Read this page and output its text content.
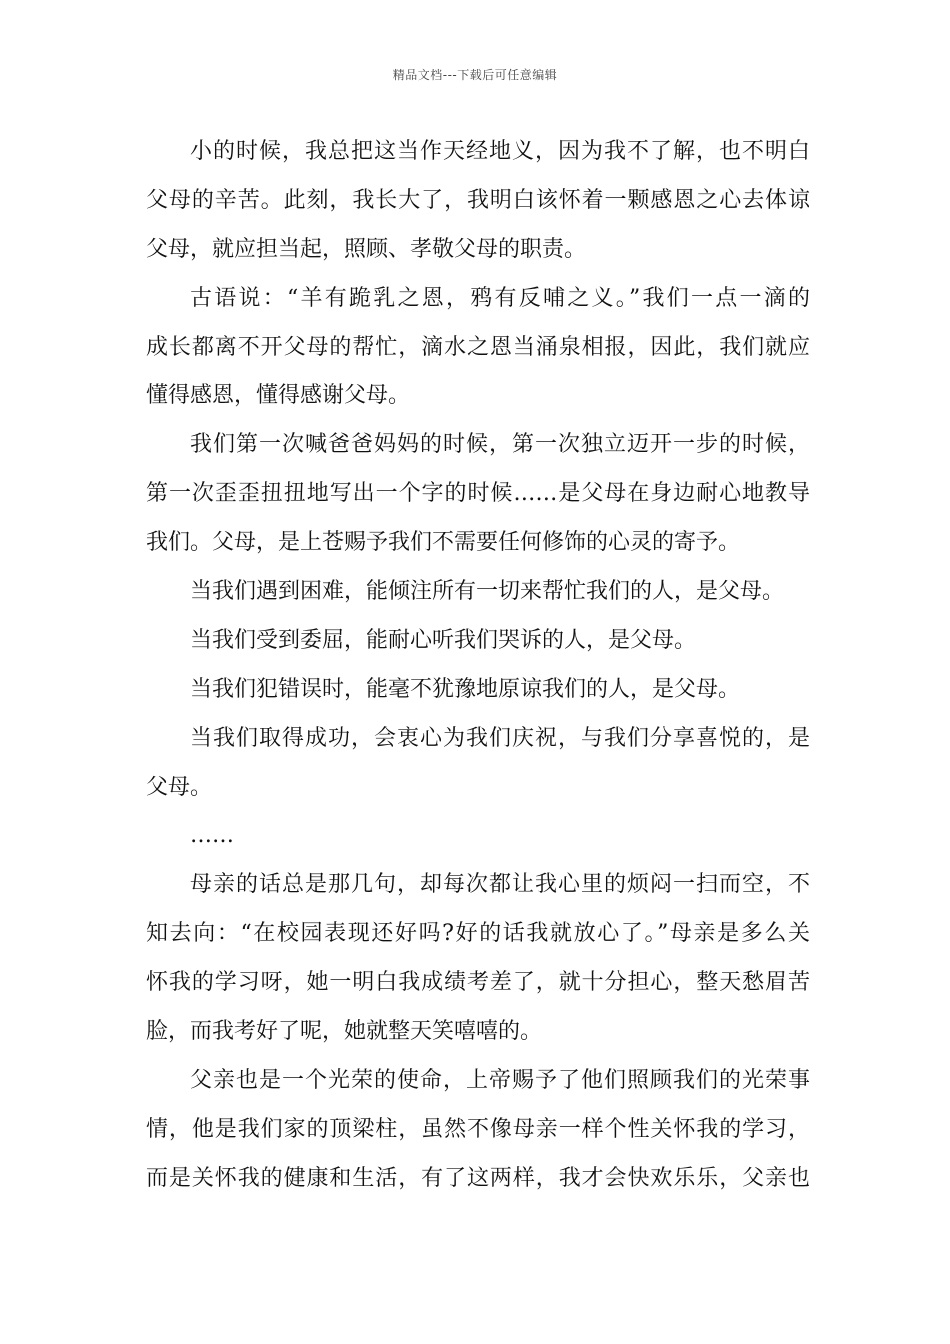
精品文档---下载后可任意编辑
小的时候，我总把这当作天经地义，因为我不了解，也不明白
父母的辛苦。此刻，我长大了，我明白该怀着一颗感恩之心去体谅
父母，就应担当起，照顾、孝敬父母的职责。
古语说：“羊有跪乳之恩，鸦有反哺之义。”我们一点一滴的
成长都离不开父母的帮忙，滴水之恩当涌泉相报，因此，我们就应
懂得感恩，懂得感谢父母。
我们第一次喊爸爸妈妈的时候，第一次独立迈开一步的时候，
第一次歪歪扭扭地写出一个字的时候……是父母在身边耐心地教导
我们。父母，是上苍赐予我们不需要任何修饰的心灵的寄予。
当我们遇到困难，能倾注所有一切来帮忙我们的人，是父母。
当我们受到委屈，能耐心听我们哭诉的人，是父母。
当我们犯错误时，能毫不犹豫地原谅我们的人，是父母。
当我们取得成功，会衷心为我们庆祝，与我们分享喜悦的，是
父母。
……
母亲的话总是那几句，却每次都让我心里的烦闷一扫而空，不
知去向：“在校园表现还好吗?好的话我就放心了。”母亲是多么关
怀我的学习呀，她一明白我成绩考差了，就十分担心，整天愁眉苦
脸，而我考好了呢，她就整天笑嘻嘻的。
父亲也是一个光荣的使命，上帝赐予了他们照顾我们的光荣事
情，他是我们家的顶梁柱，虽然不像母亲一样个性关怀我的学习，
而是关怀我的健康和生活，有了这两样，我才会快欢乐乐，父亲也
